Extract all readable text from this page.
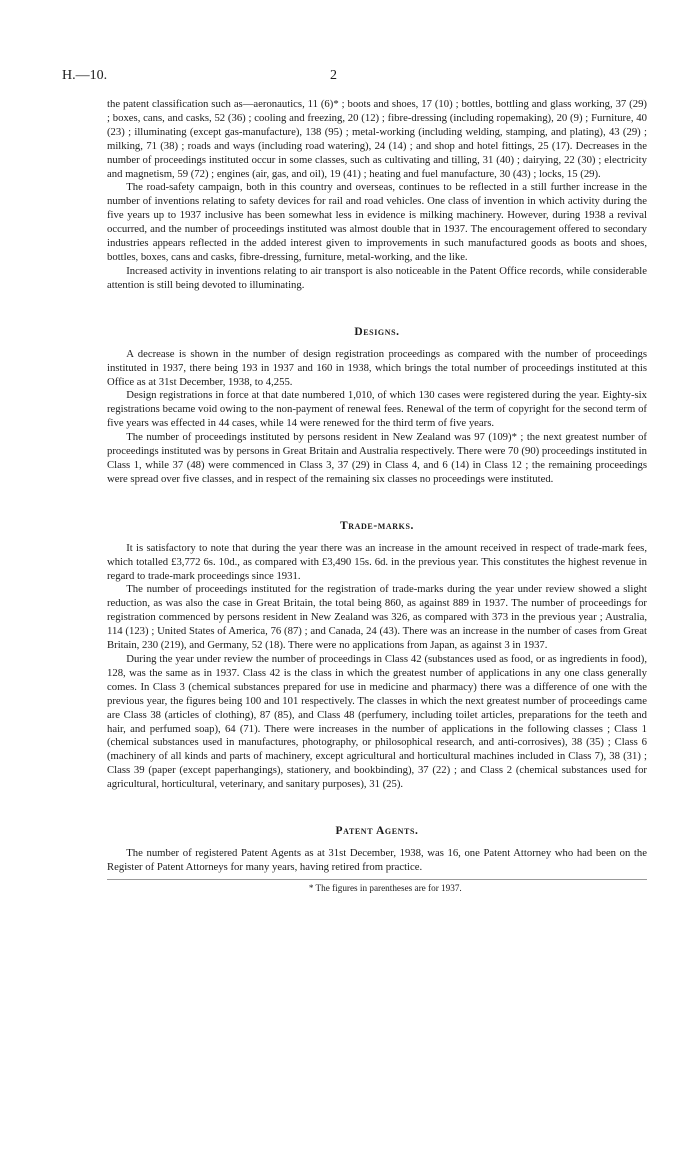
H.—10.	2

the patent classification such as—aeronautics, 11 (6)* ; boots and shoes, 17 (10) ; bottles, bottling and glass working, 37 (29) ; boxes, cans, and casks, 52 (36) ; cooling and freezing, 20 (12) ; fibre-dressing (including ropemaking), 20 (9) ; Furniture, 40 (23) ; illuminating (except gas-manufacture), 138 (95) ; metal-working (including welding, stamping, and plating), 43 (29) ; milking, 71 (38) ; roads and ways (including road watering), 24 (14) ; and shop and hotel fittings, 25 (17). Decreases in the number of proceedings instituted occur in some classes, such as cultivating and tilling, 31 (40) ; dairying, 22 (30) ; electricity and magnetism, 59 (72) ; engines (air, gas, and oil), 19 (41) ; heating and fuel manufacture, 30 (43) ; locks, 15 (29).

The road-safety campaign, both in this country and overseas, continues to be reflected in a still further increase in the number of inventions relating to safety devices for rail and road vehicles. One class of invention in which activity during the five years up to 1937 inclusive has been somewhat less in evidence is milking machinery. However, during 1938 a revival occurred, and the number of proceedings instituted was almost double that in 1937. The encouragement offered to secondary industries appears reflected in the added interest given to improvements in such manufactured goods as boots and shoes, bottles, boxes, cans and casks, fibre-dressing, furniture, metal-working, and the like.

Increased activity in inventions relating to air transport is also noticeable in the Patent Office records, while considerable attention is still being devoted to illuminating.

Designs.

A decrease is shown in the number of design registration proceedings as compared with the number of proceedings instituted in 1937, there being 193 in 1937 and 160 in 1938, which brings the total number of proceedings instituted at this Office as at 31st December, 1938, to 4,255.

Design registrations in force at that date numbered 1,010, of which 130 cases were registered during the year. Eighty-six registrations became void owing to the non-payment of renewal fees. Renewal of the term of copyright for the second term of five years was effected in 44 cases, while 14 were renewed for the third term of five years.

The number of proceedings instituted by persons resident in New Zealand was 97 (109)* ; the next greatest number of proceedings instituted was by persons in Great Britain and Australia respectively. There were 70 (90) proceedings instituted in Class 1, while 37 (48) were commenced in Class 3, 37 (29) in Class 4, and 6 (14) in Class 12 ; the remaining proceedings were spread over five classes, and in respect of the remaining six classes no proceedings were instituted.

Trade-marks.

It is satisfactory to note that during the year there was an increase in the amount received in respect of trade-mark fees, which totalled £3,772 6s. 10d., as compared with £3,490 15s. 6d. in the previous year. This constitutes the highest revenue in regard to trade-mark proceedings since 1931.

The number of proceedings instituted for the registration of trade-marks during the year under review showed a slight reduction, as was also the case in Great Britain, the total being 860, as against 889 in 1937. The number of proceedings for registration commenced by persons resident in New Zealand was 326, as compared with 373 in the previous year ; Australia, 114 (123) ; United States of America, 76 (87) ; and Canada, 24 (43). There was an increase in the number of cases from Great Britain, 230 (219), and Germany, 52 (18). There were no applications from Japan, as against 3 in 1937.

During the year under review the number of proceedings in Class 42 (substances used as food, or as ingredients in food), 128, was the same as in 1937. Class 42 is the class in which the greatest number of applications in any one class generally comes. In Class 3 (chemical substances prepared for use in medicine and pharmacy) there was a difference of one with the previous year, the figures being 100 and 101 respectively. The classes in which the next greatest number of proceedings came are Class 38 (articles of clothing), 87 (85), and Class 48 (perfumery, including toilet articles, preparations for the teeth and hair, and perfumed soap), 64 (71). There were increases in the number of applications in the following classes ; Class 1 (chemical substances used in manufactures, photography, or philosophical research, and anti-corrosives), 38 (35) ; Class 6 (machinery of all kinds and parts of machinery, except agricultural and horticultural machines included in Class 7), 38 (31) ; Class 39 (paper (except paperhangings), stationery, and bookbinding), 37 (22) ; and Class 2 (chemical substances used for agricultural, horticultural, veterinary, and sanitary purposes), 31 (25).

Patent Agents.

The number of registered Patent Agents as at 31st December, 1938, was 16, one Patent Attorney who had been on the Register of Patent Attorneys for many years, having retired from practice.

* The figures in parentheses are for 1937.
